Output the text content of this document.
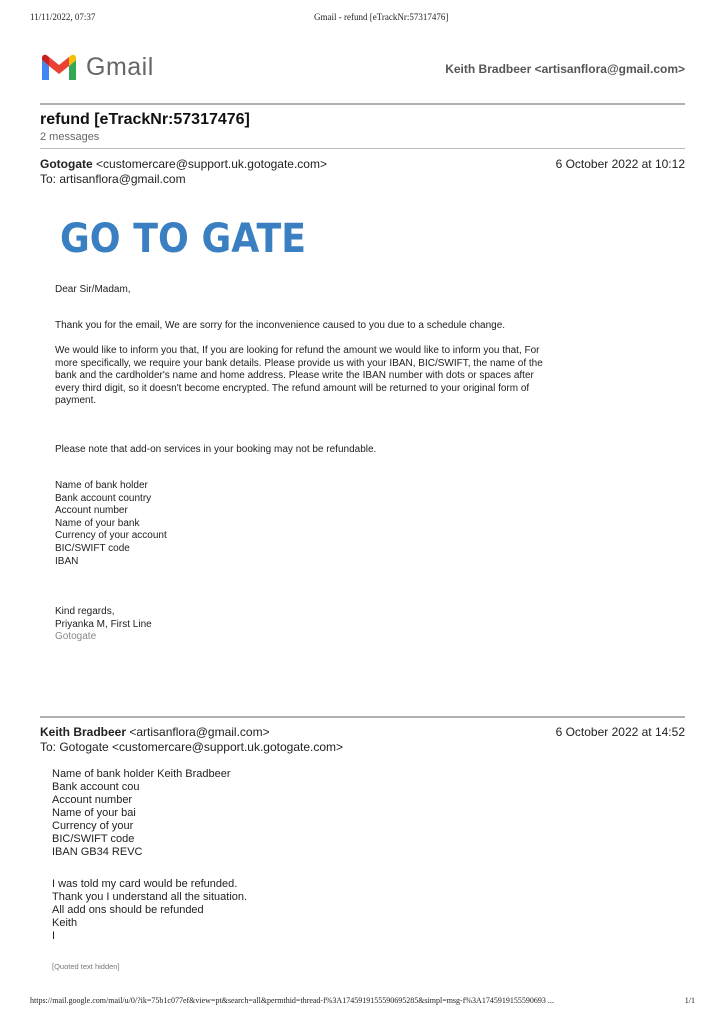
11/11/2022, 07:37	Gmail - refund [eTrackNr:57317476]
Gmail	Keith Bradbeer <artisanflora@gmail.com>
refund [eTrackNr:57317476]
2 messages
Gotogate <customercare@support.uk.gotogate.com>	6 October 2022 at 10:12
To: artisanflora@gmail.com
GO TO GATE
Dear Sir/Madam,
Thank you for the email, We are sorry for the inconvenience caused to you due to a schedule change.
We would like to inform you that, If you are looking for refund the amount we would like to inform you that, For
more specifically, we require your bank details. Please provide us with your IBAN, BIC/SWIFT, the name of the
bank and the cardholder's name and home address. Please write the IBAN number with dots or spaces after
every third digit, so it doesn't become encrypted. The refund amount will be returned to your original form of
payment.
Please note that add-on services in your booking may not be refundable.
Name of bank holder
Bank account country
Account number
Name of your bank
Currency of your account
BIC/SWIFT code
IBAN
Kind regards,
Priyanka M, First Line
Gotogate
Keith Bradbeer <artisanflora@gmail.com>	6 October 2022 at 14:52
To: Gotogate <customercare@support.uk.gotogate.com>
Name of bank holder Keith Bradbeer
Bank account cou
Account number
Name of your bai
Currency of your
BIC/SWIFT code
IBAN GB34 REVC
I was told my card would be refunded.
Thank you I understand all the situation.
All add ons should be refunded
Keith
I
[Quoted text hidden]
https://mail.google.com/mail/u/0/?ik=75b1c077ef&view=pt&search=all&permthid=thread-f%3A1745919155590695285&simpl=msg-f%3A1745919155590693 ...	1/1
